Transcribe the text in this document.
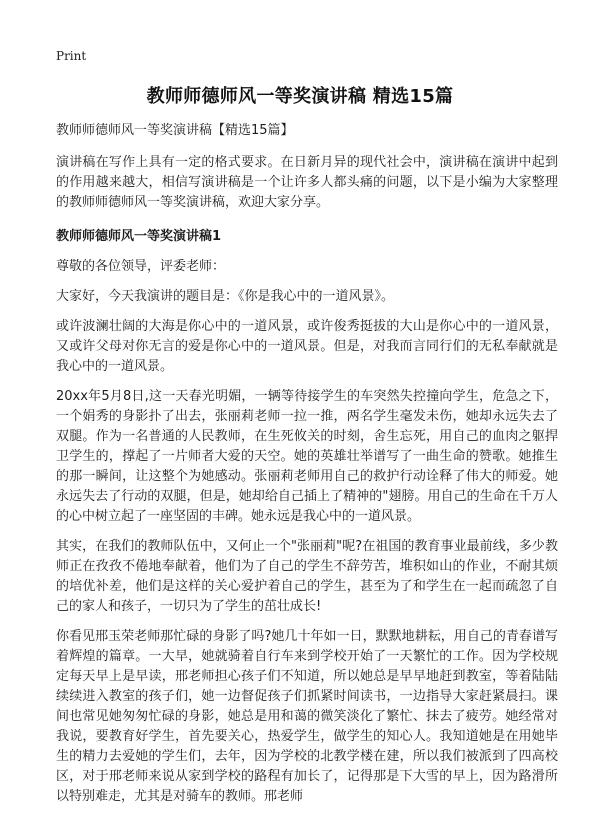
Print
教师师德师风一等奖演讲稿 精选15篇

教师师德师风一等奖演讲稿【精选15篇】

演讲稿在写作上具有一定的格式要求。在日新月异的现代社会中，演讲稿在演讲中起到的作用越来越大，相信写演讲稿是一个让许多人都头痛的问题，以下是小编为大家整理的教师师德师风一等奖演讲稿，欢迎大家分享。

教师师德师风一等奖演讲稿1

尊敬的各位领导，评委老师：

大家好，今天我演讲的题目是：《你是我心中的一道风景》。

或许波澜壮阔的大海是你心中的一道风景，或许俊秀挺拔的大山是你心中的一道风景，又或许父母对你无言的爱是你心中的一道风景。但是，对我而言同行们的无私奉献就是我心中的一道风景。

20xx年5月8日,这一天春光明媚，一辆等待接学生的车突然失控撞向学生，危急之下，一个娟秀的身影扑了出去，张丽莉老师一拉一推，两名学生毫发未伤，她却永远失去了双腿。作为一名普通的人民教师，在生死攸关的时刻，舍生忘死，用自己的血肉之躯捍卫学生的，撑起了一片师者大爱的天空。她的英雄壮举谱写了一曲生命的赞歌。她推生的那一瞬间，让这整个为她感动。张丽莉老师用自己的救护行动诠释了伟大的师爱。她永远失去了行动的双腿，但是，她却给自己插上了精神的"翅膀。用自己的生命在千万人的心中树立起了一座坚固的丰碑。她永远是我心中的一道风景。

其实，在我们的教师队伍中，又何止一个"张丽莉"呢?在祖国的教育事业最前线，多少教师正在孜孜不倦地奉献着，他们为了自己的学生不辞劳苦，堆积如山的作业，不耐其烦的培优补差，他们是这样的关心爱护着自己的学生，甚至为了和学生在一起而疏忽了自己的家人和孩子，一切只为了学生的茁壮成长!

你看见邢玉荣老师那忙碌的身影了吗?她几十年如一日，默默地耕耘，用自己的青春谱写着辉煌的篇章。一大早，她就骑着自行车来到学校开始了一天繁忙的工作。因为学校规定每天早上是早读，邢老师担心孩子们不知道，所以她总是早早地赶到教室，等着陆陆续续进入教室的孩子们，她一边督促孩子们抓紧时间读书，一边指导大家赶紧晨扫。课间也常见她匆匆忙碌的身影，她总是用和蔼的微笑淡化了繁忙、抹去了疲劳。她经常对我说，要教育好学生，首先要关心，热爱学生，做学生的知心人。我知道她是在用她毕生的精力去爱她的学生们，去年，因为学校的北教学楼在建，所以我们被派到了四高校区，对于邢老师来说从家到学校的路程有加长了，记得那是下大雪的早上，因为路滑所以特别难走，尤其是对骑车的教师。邢老师
